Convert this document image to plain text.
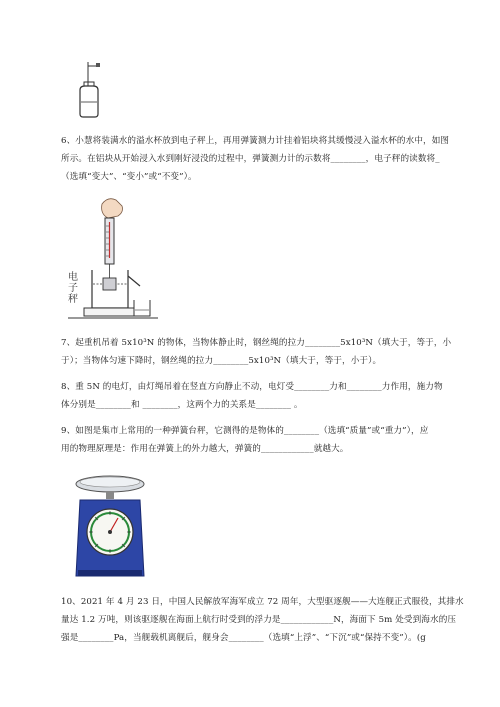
6、小慧将装满水的溢水杯放到电子秤上，再用弹簧测力计挂着铝块将其缓慢浸入溢水杯的水中，如图
所示。在铝块从开始浸入水到刚好浸没的过程中，弹簧测力计的示数将________，电子秤的读数将_
（选填“变大”、“变小”或“不变”）。
电子秤
7、起重机吊着 5x10³N 的物体，当物体静止时，钢丝绳的拉力________5x10³N（填大于，等于，小
于）；当物体匀速下降时，钢丝绳的拉力________5x10³N（填大于，等于，小于）。
8、重 5N 的电灯，由灯绳吊着在竖直方向静止不动，电灯受________力和________力作用，施力物
体分别是________和 ________，这两个力的关系是________ 。
9、如图是集市上常用的一种弹簧台秤，它测得的是物体的________（选填“质量”或“重力”），应
用的物理原理是：作用在弹簧上的外力越大，弹簧的____________就越大。
10、2021 年 4 月 23 日，中国人民解放军海军成立 72 周年，大型驱逐舰——大连舰正式服役，其排水
量达 1.2 万吨，则该驱逐舰在海面上航行时受到的浮力是____________N，海面下 5m 处受到海水的压
强是________Pa，当舰载机离舰后，舰身会________（选填“上浮”、“下沉”或“保持不变”）。(g
